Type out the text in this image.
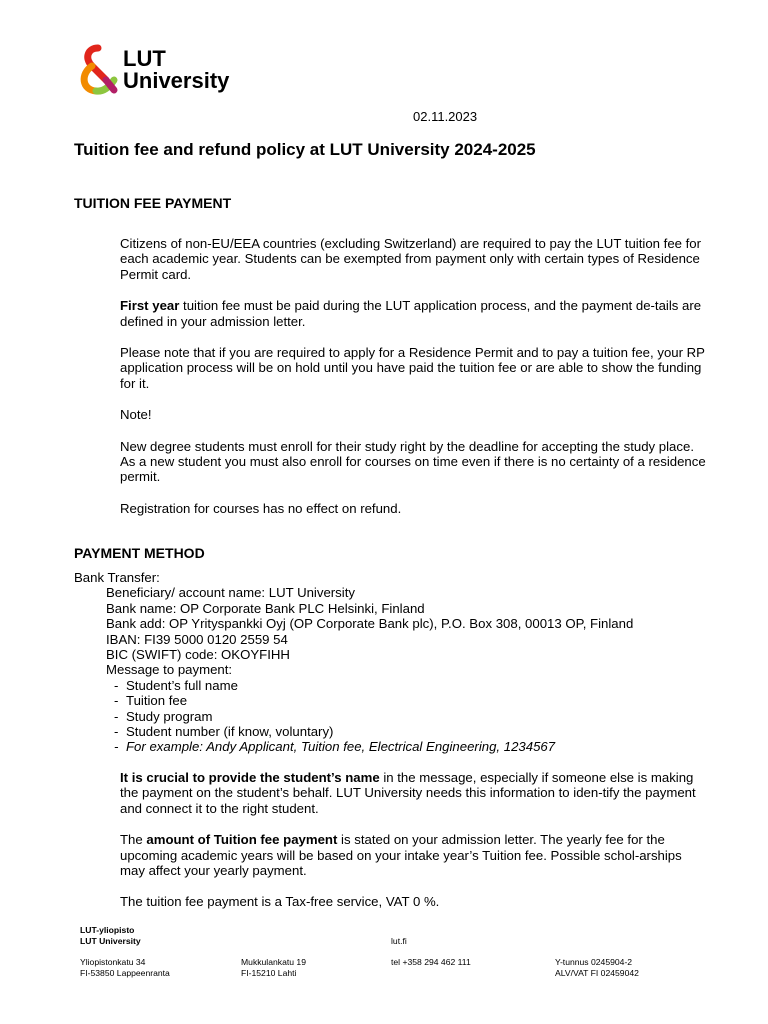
LUT
University
02.11.2023
Tuition fee and refund policy at LUT University 2024-2025
TUITION FEE PAYMENT

Citizens of non-EU/EEA countries (excluding Switzerland) are required to pay the LUT tuition fee for each academic year. Students can be exempted from payment only with certain types of Residence Permit card.

First year tuition fee must be paid during the LUT application process, and the payment de-tails are defined in your admission letter.

Please note that if you are required to apply for a Residence Permit and to pay a tuition fee, your RP application process will be on hold until you have paid the tuition fee or are able to show the funding for it.

Note!

New degree students must enroll for their study right by the deadline for accepting the study place. As a new student you must also enroll for courses on time even if there is no certainty of a residence permit.

Registration for courses has no effect on refund.

PAYMENT METHOD
Bank Transfer:
Beneficiary/ account name: LUT University
Bank name: OP Corporate Bank PLC Helsinki, Finland
Bank add: OP Yrityspankki Oyj (OP Corporate Bank plc), P.O. Box 308, 00013 OP, Finland
IBAN: FI39 5000 0120 2559 54
BIC (SWIFT) code: OKOYFIHH
Message to payment:
- Student’s full name
- Tuition fee
- Study program
- Student number (if know, voluntary)
- For example: Andy Applicant, Tuition fee, Electrical Engineering, 1234567

It is crucial to provide the student’s name in the message, especially if someone else is making the payment on the student’s behalf. LUT University needs this information to iden-tify the payment and connect it to the right student.

The amount of Tuition fee payment is stated on your admission letter. The yearly fee for the upcoming academic years will be based on your intake year’s Tuition fee. Possible schol-arships may affect your yearly payment.

The tuition fee payment is a Tax-free service, VAT 0 %.

LUT-yliopisto
LUT University	lut.fi
Yliopistonkatu 34
FI-53850 Lappeenranta
Mukkulankatu 19
FI-15210 Lahti
tel +358 294 462 111	Y-tunnus 0245904-2
ALV/VAT FI 02459042
